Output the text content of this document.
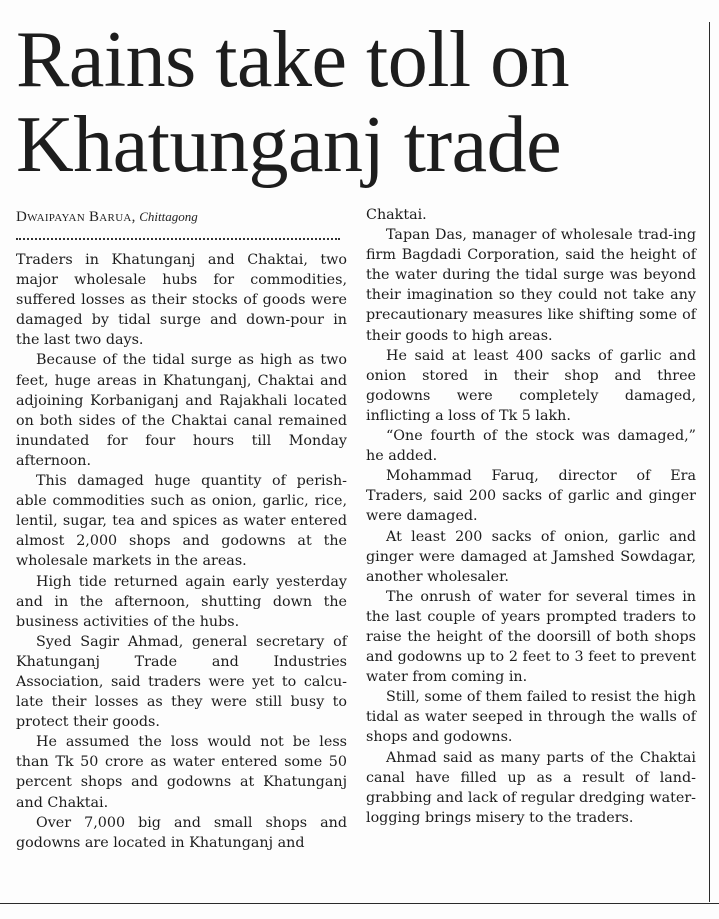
Rains take toll on
Khatunganj trade
Dwaipayan Barua, Chittagong

Traders in Khatunganj and Chaktai, two major wholesale hubs for commodities, suffered losses as their stocks of goods were damaged by tidal surge and down-pour in the last two days.

Because of the tidal surge as high as two feet, huge areas in Khatunganj, Chaktai and adjoining Korbaniganj and Rajakhali located on both sides of the Chaktai canal remained inundated for four hours till Monday afternoon.

This damaged huge quantity of perish-able commodities such as onion, garlic, rice, lentil, sugar, tea and spices as water entered almost 2,000 shops and godowns at the wholesale markets in the areas.

High tide returned again early yesterday and in the afternoon, shutting down the business activities of the hubs.

Syed Sagir Ahmad, general secretary of Khatunganj Trade and Industries Association, said traders were yet to calcu-late their losses as they were still busy to protect their goods.

He assumed the loss would not be less than Tk 50 crore as water entered some 50 percent shops and godowns at Khatunganj and Chaktai.

Over 7,000 big and small shops and godowns are located in Khatunganj and

Chaktai.

Tapan Das, manager of wholesale trad-ing firm Bagdadi Corporation, said the height of the water during the tidal surge was beyond their imagination so they could not take any precautionary measures like shifting some of their goods to high areas.

He said at least 400 sacks of garlic and onion stored in their shop and three godowns were completely damaged, inflicting a loss of Tk 5 lakh.

“One fourth of the stock was damaged,” he added.

Mohammad Faruq, director of Era Traders, said 200 sacks of garlic and ginger were damaged.

At least 200 sacks of onion, garlic and ginger were damaged at Jamshed Sowdagar, another wholesaler.

The onrush of water for several times in the last couple of years prompted traders to raise the height of the doorsill of both shops and godowns up to 2 feet to 3 feet to prevent water from coming in.

Still, some of them failed to resist the high tidal as water seeped in through the walls of shops and godowns.

Ahmad said as many parts of the Chaktai canal have filled up as a result of land-grabbing and lack of regular dredging water-logging brings misery to the traders.
